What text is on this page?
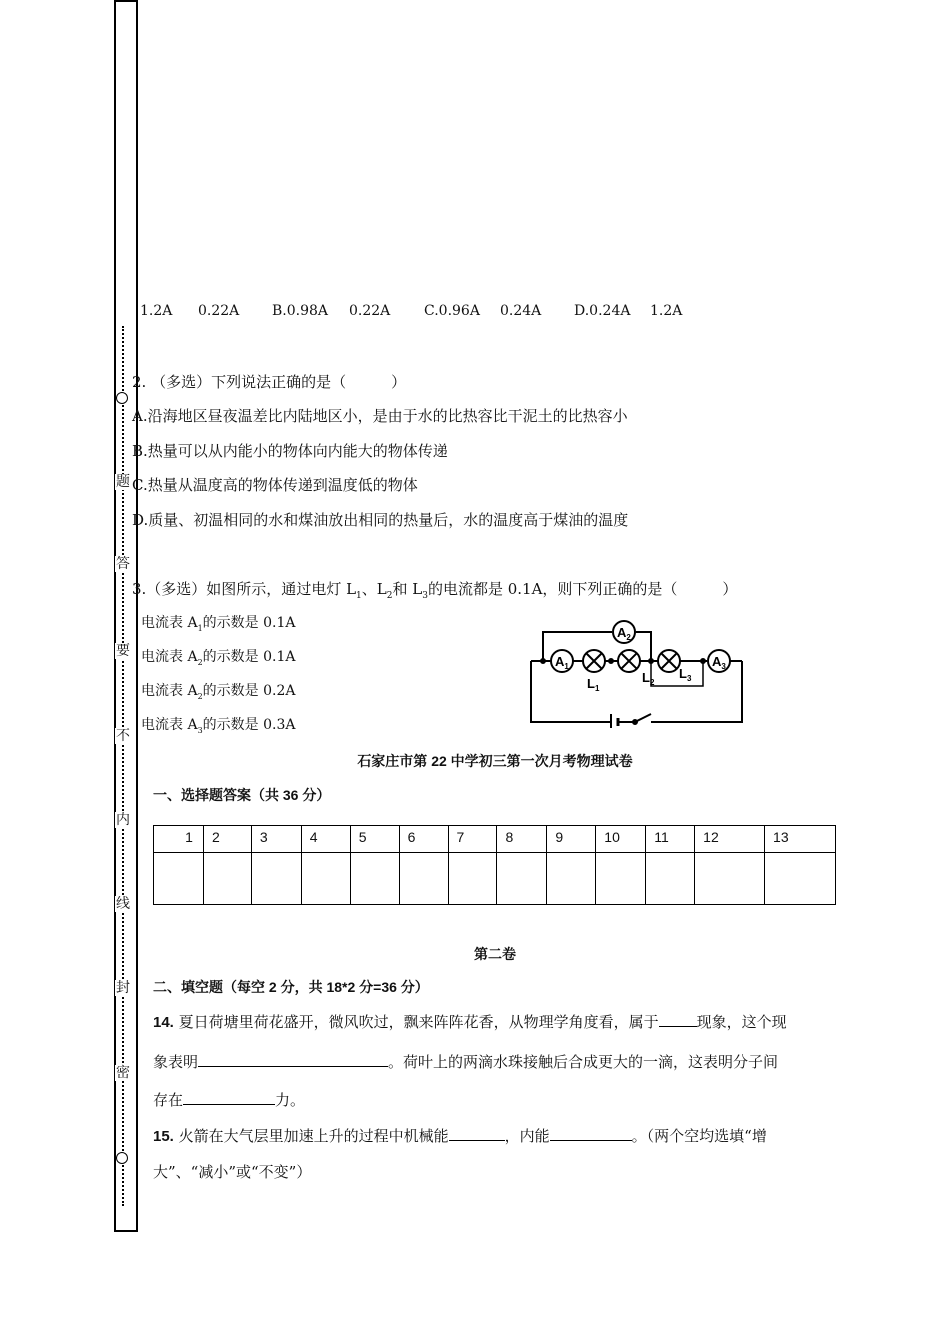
题
答
要
不
内
线
封
密
1.2A 0.22A B.0.98A 0.22A C.0.96A 0.24A D.0.24A 1.2A
2. （多选）下列说法正确的是（　　　）
A.沿海地区昼夜温差比内陆地区小，是由于水的比热容比干泥土的比热容小
B.热量可以从内能小的物体向内能大的物体传递
C.热量从温度高的物体传递到温度低的物体
D.质量、初温相同的水和煤油放出相同的热量后，水的温度高于煤油的温度
3.（多选）如图所示，通过电灯 $L_1$、$L_2$和 $L_3$的电流都是 0.1A，则下列正确的是（　　　）
电流表 $A_1$的示数是 0.1A
电流表 $A_2$的示数是 0.1A
电流表 $A_2$的示数是 0.2A
电流表 $A_3$的示数是 0.3A
$A_1$
$L_1$
$L_2$
$L_3$
$A_2$
$A_3$
石家庄市第 22 中学初三第一次月考物理试卷
一、选择题答案（共 36 分）
1	2	3	4	5	6	7	8	9	10	11	12	13

第二卷
二、填空题（每空 2 分，共 18*2 分=36 分）
14. 夏日荷塘里荷花盛开，微风吹过，飘来阵阵花香，从物理学角度看，属于	现象，这个现
象表明	。荷叶上的两滴水珠接触后合成更大的一滴，这表明分子间
存在	力。
15. 火箭在大气层里加速上升的过程中机械能	，内能	。（两个空均选填“增
大”、“减小”或“不变”）
